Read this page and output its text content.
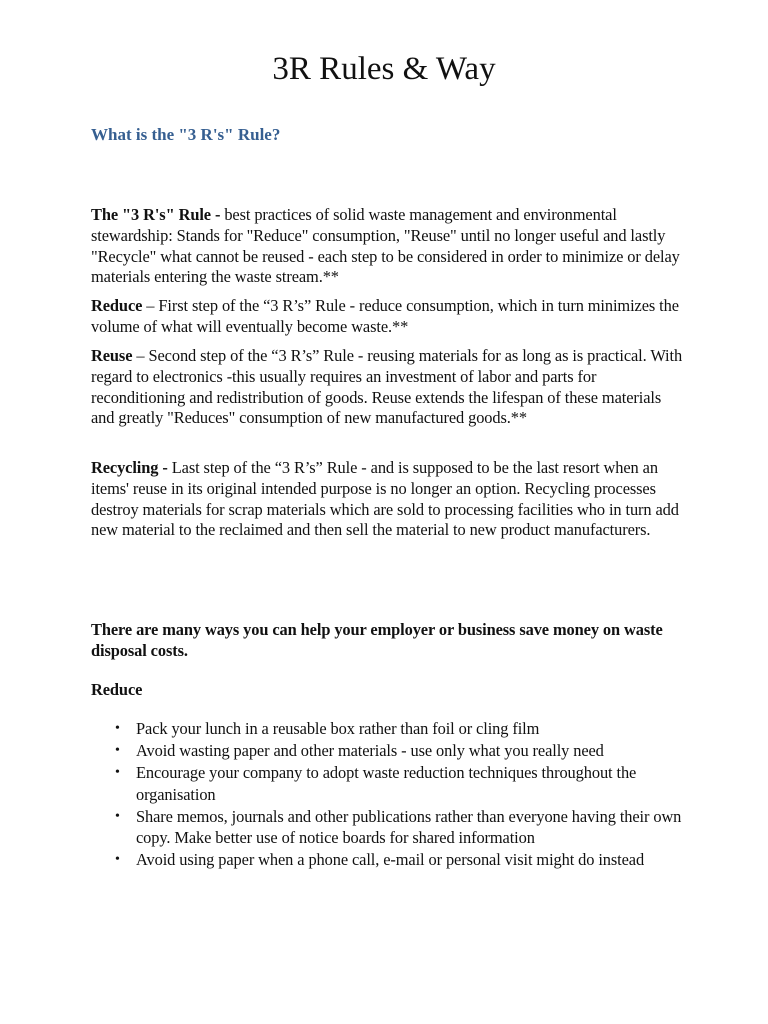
3R Rules & Way
What is the "3 R's" Rule?

The "3 R's" Rule - best practices of solid waste management and environmental stewardship: Stands for "Reduce" consumption, "Reuse" until no longer useful and lastly "Recycle" what cannot be reused - each step to be considered in order to minimize or delay materials entering the waste stream.**

Reduce – First step of the “3 R’s” Rule - reduce consumption, which in turn minimizes the volume of what will eventually become waste.**

Reuse – Second step of the “3 R’s” Rule - reusing materials for as long as is practical. With regard to electronics -this usually requires an investment of labor and parts for reconditioning and redistribution of goods. Reuse extends the lifespan of these materials and greatly "Reduces" consumption of new manufactured goods.**

Recycling - Last step of the “3 R’s” Rule - and is supposed to be the last resort when an items' reuse in its original intended purpose is no longer an option. Recycling processes destroy materials for scrap materials which are sold to processing facilities who in turn add new material to the reclaimed and then sell the material to new product manufacturers.

There are many ways you can help your employer or business save money on waste disposal costs.

Reduce

• Pack your lunch in a reusable box rather than foil or cling film
• Avoid wasting paper and other materials - use only what you really need
• Encourage your company to adopt waste reduction techniques throughout the organisation
• Share memos, journals and other publications rather than everyone having their own copy. Make better use of notice boards for shared information
• Avoid using paper when a phone call, e-mail or personal visit might do instead
